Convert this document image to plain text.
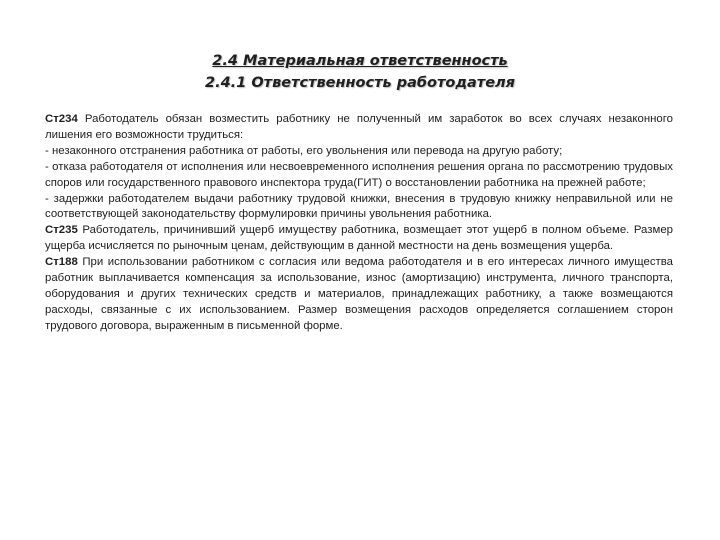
2.4 Материальная ответственность
2.4.1 Ответственность работодателя

Ст234 Работодатель обязан возместить работнику не полученный им заработок во всех случаях незаконного лишения его возможности трудиться:

- незаконного отстранения работника от работы, его увольнения или перевода на другую работу;

- отказа работодателя от исполнения или несвоевременного исполнения решения органа по рассмотрению трудовых споров или государственного правового инспектора труда(ГИТ) о восстановлении работника на прежней работе;

- задержки работодателем выдачи работнику трудовой книжки, внесения в трудовую книжку неправильной или не соответствующей законодательству формулировки причины увольнения работника.

Ст235 Работодатель, причинивший ущерб имуществу работника, возмещает этот ущерб в полном объеме. Размер ущерба исчисляется по рыночным ценам, действующим в данной местности на день возмещения ущерба.

Ст188 При использовании работником с согласия или ведома работодателя и в его интересах личного имущества работник выплачивается компенсация за использование, износ (амортизацию) инструмента, личного транспорта, оборудования и других технических средств и материалов, принадлежащих работнику, а также возмещаются расходы, связанные с их использованием. Размер возмещения расходов определяется соглашением сторон трудового договора, выраженным в письменной форме.
